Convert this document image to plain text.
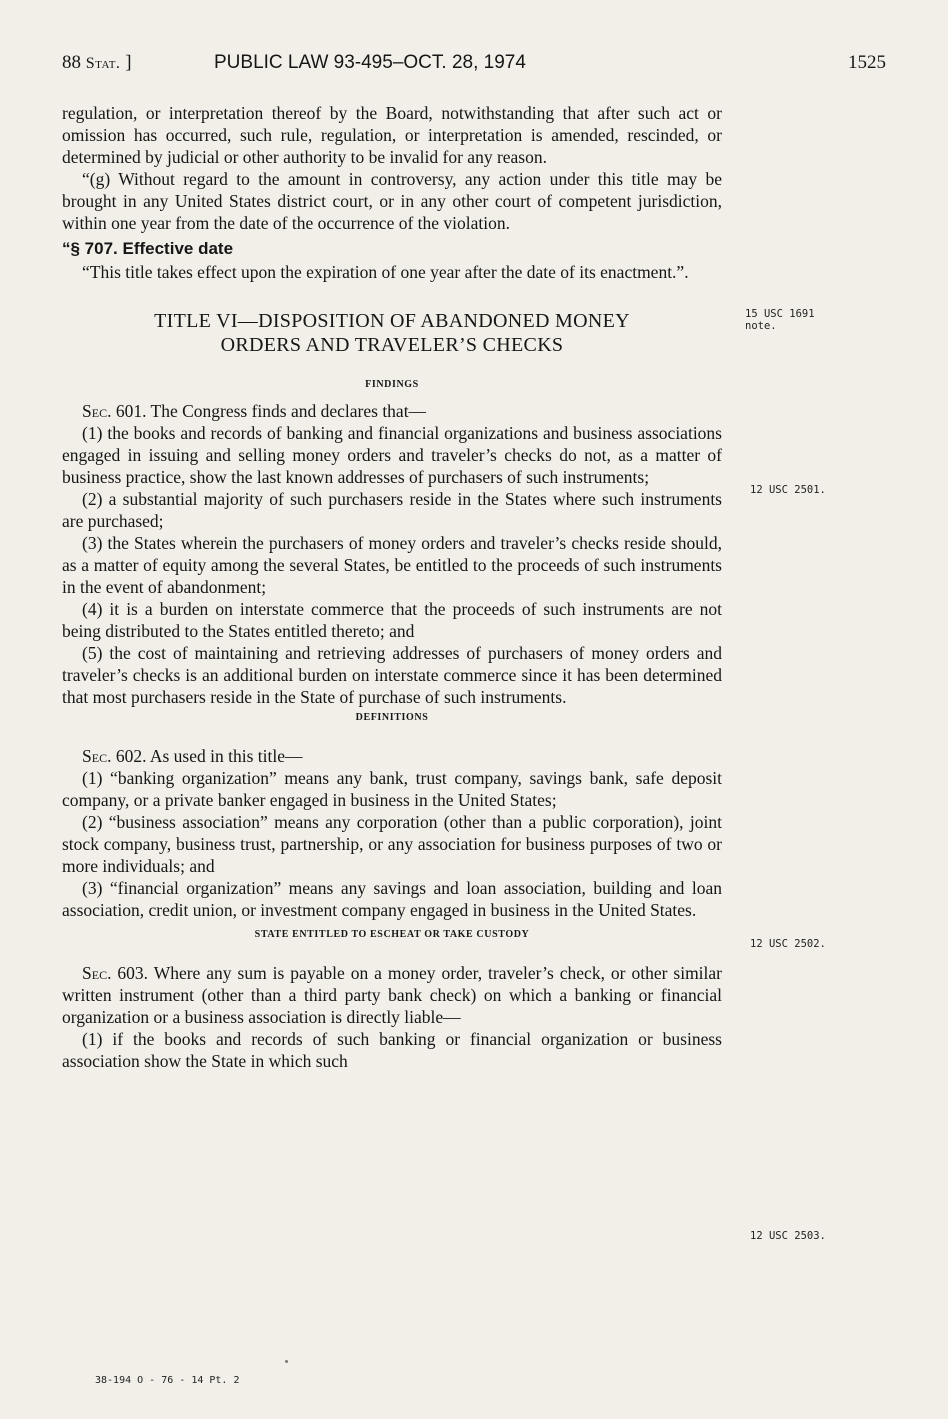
88 Stat. ]	PUBLIC LAW 93-495–OCT. 28, 1974	1525

regulation, or interpretation thereof by the Board, notwithstanding that after such act or omission has occurred, such rule, regulation, or interpretation is amended, rescinded, or determined by judicial or other authority to be invalid for any reason.

“(g) Without regard to the amount in controversy, any action under this title may be brought in any United States district court, or in any other court of competent jurisdiction, within one year from the date of the occurrence of the violation.

“§ 707. Effective date

“This title takes effect upon the expiration of one year after the date of its enactment.”.

TITLE VI—DISPOSITION OF ABANDONED MONEY
ORDERS AND TRAVELER’S CHECKS
FINDINGS

Sec. 601. The Congress finds and declares that—

(1) the books and records of banking and financial organizations and business associations engaged in issuing and selling money orders and traveler’s checks do not, as a matter of business practice, show the last known addresses of purchasers of such instruments;

(2) a substantial majority of such purchasers reside in the States where such instruments are purchased;

(3) the States wherein the purchasers of money orders and traveler’s checks reside should, as a matter of equity among the several States, be entitled to the proceeds of such instruments in the event of abandonment;

(4) it is a burden on interstate commerce that the proceeds of such instruments are not being distributed to the States entitled thereto; and

(5) the cost of maintaining and retrieving addresses of purchasers of money orders and traveler’s checks is an additional burden on interstate commerce since it has been determined that most purchasers reside in the State of purchase of such instruments.

DEFINITIONS

Sec. 602. As used in this title—

(1) “banking organization” means any bank, trust company, savings bank, safe deposit company, or a private banker engaged in business in the United States;

(2) “business association” means any corporation (other than a public corporation), joint stock company, business trust, partnership, or any association for business purposes of two or more individuals; and

(3) “financial organization” means any savings and loan association, building and loan association, credit union, or investment company engaged in business in the United States.

STATE ENTITLED TO ESCHEAT OR TAKE CUSTODY

Sec. 603. Where any sum is payable on a money order, traveler’s check, or other similar written instrument (other than a third party bank check) on which a banking or financial organization or a business association is directly liable—

(1) if the books and records of such banking or financial organization or business association show the State in which such

15 USC 1691
note.
12 USC 2501.
12 USC 2502.
12 USC 2503.
38-194 O - 76 - 14 Pt. 2
